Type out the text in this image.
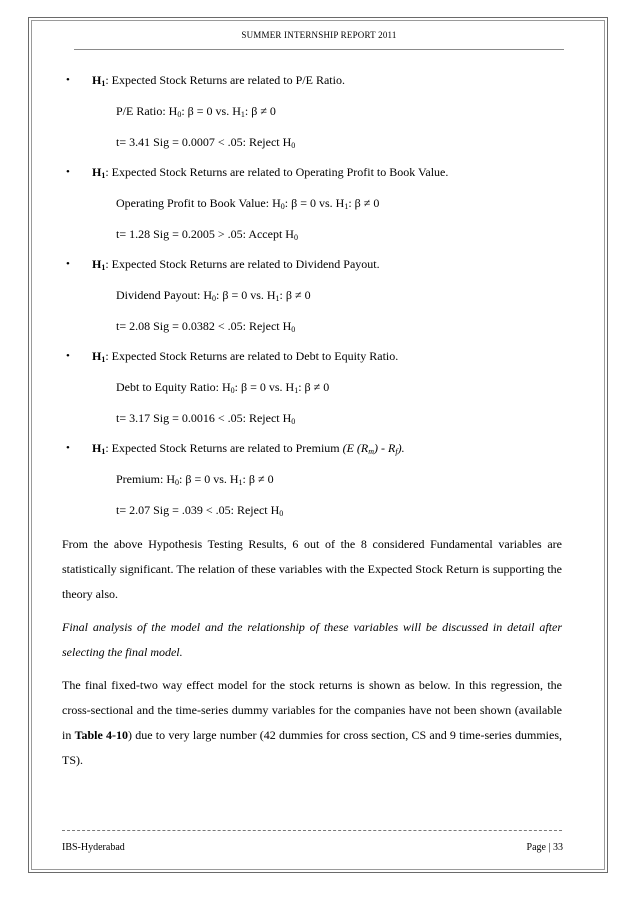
SUMMER INTERNSHIP REPORT 2011
• $H_1$: Expected Stock Returns are related to P/E Ratio.
P/E Ratio: $H_0$: β = 0 vs. $H_1$: β ≠ 0
t= 3.41 Sig = 0.0007 < .05: Reject $H_0$
• $H_1$: Expected Stock Returns are related to Operating Profit to Book Value.
Operating Profit to Book Value: $H_0$: β = 0 vs. $H_1$: β ≠ 0
t= 1.28 Sig = 0.2005 > .05: Accept $H_0$
• $H_1$: Expected Stock Returns are related to Dividend Payout.
Dividend Payout: $H_0$: β = 0 vs. $H_1$: β ≠ 0
t= 2.08 Sig = 0.0382 < .05: Reject $H_0$
• $H_1$: Expected Stock Returns are related to Debt to Equity Ratio.
Debt to Equity Ratio: $H_0$: β = 0 vs. $H_1$: β ≠ 0
t= 3.17 Sig = 0.0016 < .05: Reject $H_0$
• $H_1$: Expected Stock Returns are related to Premium (E $(R_m) - R_f$).
Premium: $H_0$: β = 0 vs. $H_1$: β ≠ 0
t= 2.07 Sig = .039 < .05: Reject $H_0$

From the above Hypothesis Testing Results, 6 out of the 8 considered Fundamental variables are statistically significant. The relation of these variables with the Expected Stock Return is supporting the theory also.

Final analysis of the model and the relationship of these variables will be discussed in detail after selecting the final model.

The final fixed-two way effect model for the stock returns is shown as below. In this regression, the cross-sectional and the time-series dummy variables for the companies have not been shown (available in Table 4-10) due to very large number (42 dummies for cross section, CS and 9 time-series dummies, TS).

IBS-Hyderabad	Page | 33
